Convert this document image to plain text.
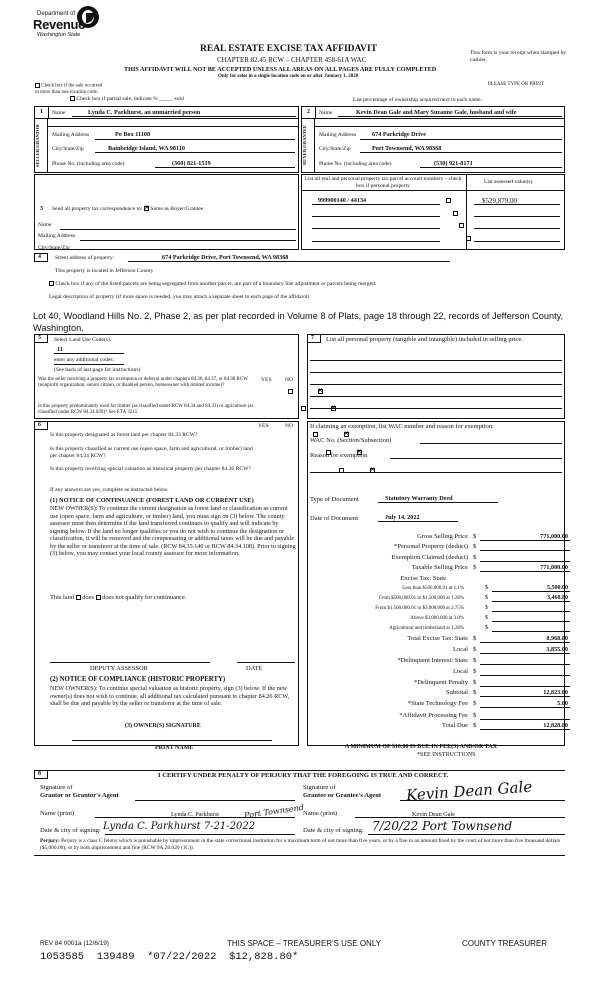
Department of
Revenue
Washington State
REAL ESTATE EXCISE TAX AFFIDAVIT
CHAPTER 82.45 RCW – CHAPTER 458-61A WAC
THIS AFFIDAVIT WILL NOT BE ACCEPTED UNLESS ALL AREAS ON ALL PAGES ARE FULLY COMPLETED
Only for sales in a single location code on or after January 1, 2020
This form is your receipt when stamped by cashier.
PLEASE TYPE OR PRINT
Check box if the sale occurred in more than one location code.
Check box if partial sale, indicate % _____ sold	List percentage of ownership acquired next to each name.
1	2
SELLER GRANTOR	BUYER GRANTEE
Name	Lynda C. Parkhurst, an unmarried person
Mailing Address	Po Box 11108
City/State/Zip	Bainbridge Island, WA 98110
Phone No. (including area code)	(360) 821-1519
Name	Kevin Dean Gale and Mary Suzanne Gale, husband and wife
Mailing Address	674 Parkridge Drive
City/State/Zip	Port Townsend, WA 98368
Phone No. (including area code)	(530) 921-8171
3 Send all property tax correspondence to: ✕ Same as Buyer/Grantee
Name
Mailing Address
City/State/Zip
List all real and personal property tax parcel account numbers – check box if personal property
List assessed value(s)
999900140 / 44134
	$529,879.00

4	Street address of property:	674 Parkridge Drive, Port Townsend, WA 98368
This property is located in Jefferson County
Check box if any of the listed parcels are being segregated from another parcel, are part of a boundary line adjustment or parcels being merged.
Legal description of property (if more space is needed, you may attach a separate sheet to each page of the affidavit)
Lot 40, Woodland Hills No. 2, Phase 2, as per plat recorded in Volume 8 of Plats, page 18 through 22, records of Jefferson County, Washington.
5 Select Land Use Code(s):
11
enter any additional codes:
(See back of last page for instructions)
YES NO
Was the seller receiving a property tax exemption or deferral under chapters 84.36, 84.37, or 84.38 RCW (nonprofit organization, senior citizen, or disabled person, homeowner with limited income)?
✕
Is this property predominantly used for timber (as classified under RCW 84.34 and 84.33) or agriculture (as classified under RCW 84.34.020)? See ETA 3215
✕
7 List all personal property (tangible and intangible) included in selling price.
6	YES	NO
Is this property designated as forest land per chapter 84.33 RCW?
✕
Is this property classified as current use (open space, farm and agricultural, or timber) land per chapter 84.34 RCW?
✕
Is this property receiving special valuation as historical property per chapter 84.26 RCW?
✕
If any answers are yes, complete as instructed below.
(1) NOTICE OF CONTINUANCE (FOREST LAND OR CURRENT USE)
NEW OWNER(S): To continue the current designation as forest land or classification as current use (open space, farm and agriculture, or timber) land, you must sign on (3) below. The county assessor must then determine if the land transferred continues to qualify and will indicate by signing below. If the land no longer qualifies or you do not wish to continue the designation or classification, it will be removed and the compensating or additional taxes will be due and payable by the seller or transferor at the time of sale. (RCW 84.33.140 or RCW 84.34.108). Prior to signing (3) below, you may contact your local county assessor for more information.
This land does does not qualify for continuance.
DEPUTY ASSESSOR	DATE
(2) NOTICE OF COMPLIANCE (HISTORIC PROPERTY)
NEW OWNER(S): To continue special valuation as historic property, sign (3) below. If the new owner(s) does not wish to continue, all additional tax calculated pursuant to chapter 84.26 RCW, shall be due and payable by the seller or transferor at the time of sale.
(3) OWNER(S) SIGNATURE
PRINT NAME
If claiming an exemption, list WAC number and reason for exemption:
WAC No. (Section/Subsection)
Reason for exemption
Type of Document	Statutory Warranty Deed
Date of Document	July 14, 2022
Gross Selling Price $	771,000.00
*Personal Property (deduct) $
Exemption Claimed (deduct) $
Taxable Selling Price $	771,000.00
Excise Tax: State
Less than $500,000.01 at 1.1%	$	5,500.00
From $500,000.01 to $1,500,000 at 1.28%	$	3,468.80
From $1,500,000.01 to $3,000,000 at 2.75%	$
Above $3,000,000 at 3.0%	$
Agricultural and timberland at 1.28%	$
Total Excise Tax: State $	8,968.80
Local $	3,855.00
*Delinquent Interest: State $
Local $
*Delinquent Penalty $
Subtotal $	12,823.80
*State Technology Fee $	5.00
*Affidavit Processing Fee $
Total Due $	12,828.80
A MINIMUM OF $10.00 IS DUE IN FEE(S) AND/OR TAX
*SEE INSTRUCTIONS
8	I CERTIFY UNDER PENALTY OF PERJURY THAT THE FOREGOING IS TRUE AND CORRECT.
Signature of
Grantor or Grantor's Agent
Signature of
Grantee or Grantee's Agent Kevin Dean Gale
Name (print)	Lynda C. Parkhurst	Name (print)	Kevin Dean Gale
Date & city of signing: Lynda C. Parkhurst 7-21-2022
Port Townsend
Date & city of signing: 7/20/22 Port Townsend
Perjury: Perjury is a class C felony which is punishable by imprisonment in the state correctional institution for a maximum term of not more than five years, or by a fine in an amount fixed by the court of not more than five thousand dollars ($5,000.00), or by both imprisonment and fine (RCW 9A.20.020 (1C)).
REV 84 0001a (12/6/19)	THIS SPACE – TREASURER'S USE ONLY	COUNTY TREASURER
1053585  139489  *07/22/2022  $12,828.80*
